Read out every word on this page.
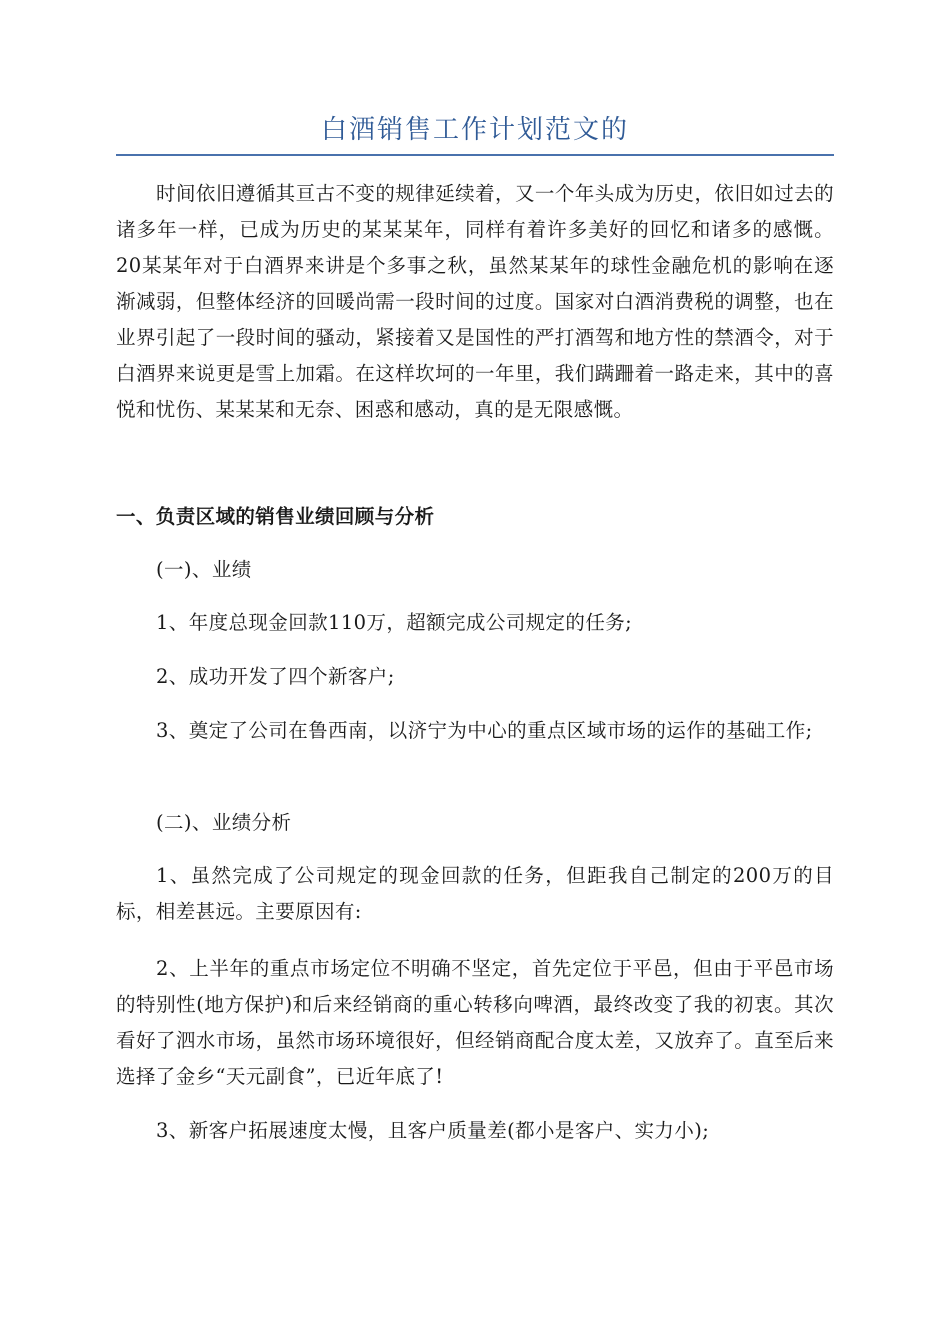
白酒销售工作计划范文的

时间依旧遵循其亘古不变的规律延续着，又一个年头成为历史，依旧如过去的诸多年一样，已成为历史的某某某年，同样有着许多美好的回忆和诸多的感慨。20某某年对于白酒界来讲是个多事之秋，虽然某某年的球性金融危机的影响在逐渐减弱，但整体经济的回暖尚需一段时间的过度。国家对白酒消费税的调整，也在业界引起了一段时间的骚动，紧接着又是国性的严打酒驾和地方性的禁酒令，对于白酒界来说更是雪上加霜。在这样坎坷的一年里，我们蹒跚着一路走来，其中的喜悦和忧伤、某某某和无奈、困惑和感动，真的是无限感慨。

一、负责区域的销售业绩回顾与分析

(一)、业绩

1、年度总现金回款110万，超额完成公司规定的任务;

2、成功开发了四个新客户;

3、奠定了公司在鲁西南，以济宁为中心的重点区域市场的运作的基础工作;

(二)、业绩分析

1、虽然完成了公司规定的现金回款的任务，但距我自己制定的200万的目标，相差甚远。主要原因有:

2、上半年的重点市场定位不明确不坚定，首先定位于平邑，但由于平邑市场的特别性(地方保护)和后来经销商的重心转移向啤酒，最终改变了我的初衷。其次看好了泗水市场，虽然市场环境很好，但经销商配合度太差，又放弃了。直至后来选择了金乡“天元副食”，已近年底了!

3、新客户拓展速度太慢，且客户质量差(都小是客户、实力小);
